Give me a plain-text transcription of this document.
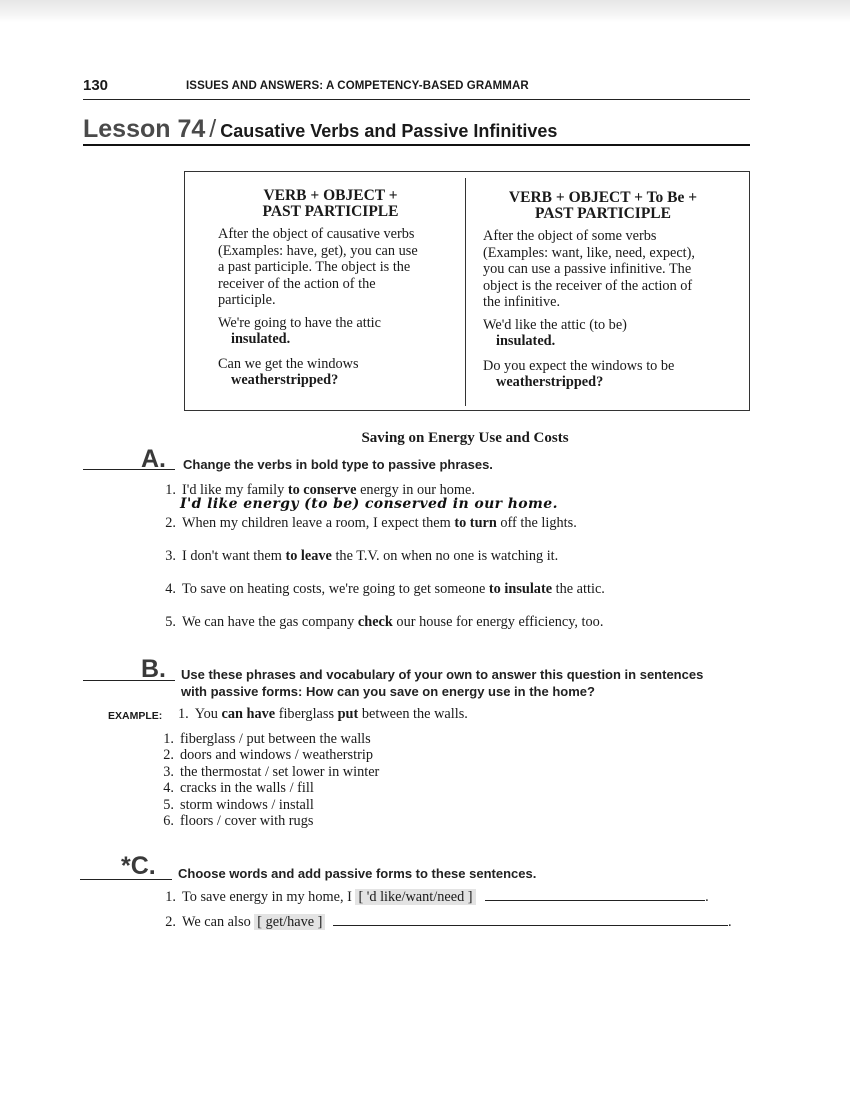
130	ISSUES AND ANSWERS: A COMPETENCY-BASED GRAMMAR
Lesson 74 / Causative Verbs and Passive Infinitives
VERB + OBJECT +
PAST PARTICIPLE

After the object of causative verbs

(Examples: have, get), you can use

a past participle. The object is the

receiver of the action of the

participle.

We're going to have the attic

insulated.

Can we get the windows

weatherstripped?

VERB + OBJECT + To Be +
PAST PARTICIPLE

After the object of some verbs

(Examples: want, like, need, expect),

you can use a passive infinitive. The

object is the receiver of the action of

the infinitive.

We'd like the attic (to be)

insulated.

Do you expect the windows to be

weatherstripped?

Saving on Energy Use and Costs
A. Change the verbs in bold type to passive phrases.
1. I'd like my family to conserve energy in our home.
I'd like energy (to be) conserved in our home.
2. When my children leave a room, I expect them to turn off the lights.
3. I don't want them to leave the T.V. on when no one is watching it.
4. To save on heating costs, we're going to get someone to insulate the attic.
5. We can have the gas company check our house for energy efficiency, too.
B. Use these phrases and vocabulary of your own to answer this question in sentences
with passive forms: How can you save on energy use in the home?
EXAMPLE: 1. You can have fiberglass put between the walls.
1. fiberglass / put between the walls
2. doors and windows / weatherstrip
3. the thermostat / set lower in winter
4. cracks in the walls / fill
5. storm windows / install
6. floors / cover with rugs
*C. Choose words and add passive forms to these sentences.
1. To save energy in my home, I [ 'd like/want/need ]	.
2. We can also [ get/have ]	.
